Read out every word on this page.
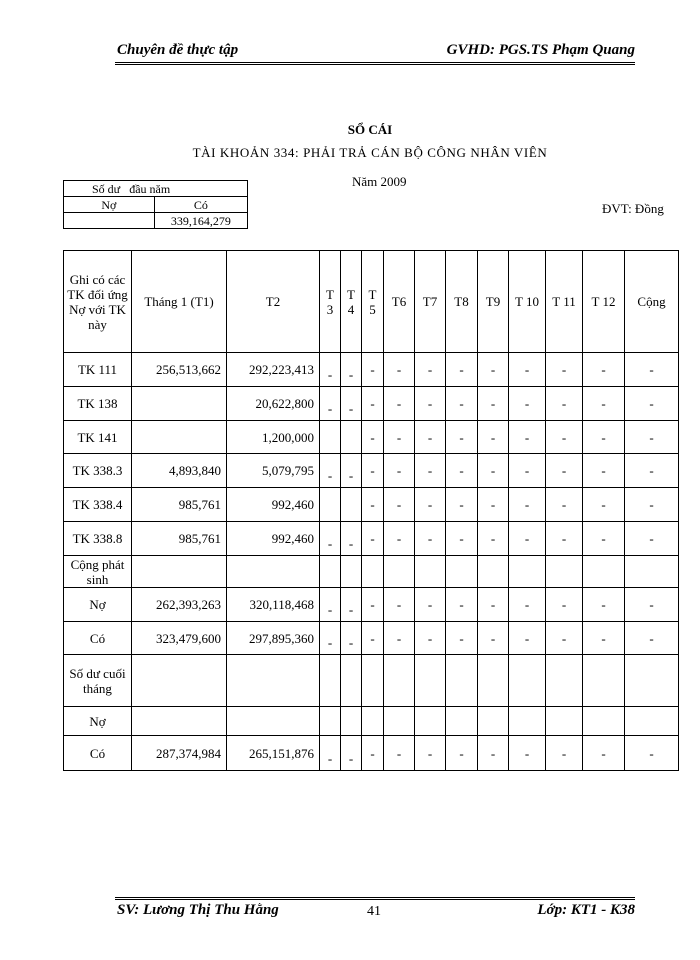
Chuyên đề thực tập	GVHD: PGS.TS Phạm Quang
SỔ CÁI
TÀI KHOẢN 334: PHẢI TRẢ CÁN BỘ CÔNG NHÂN VIÊN
Năm 2009
ĐVT: Đồng
Số dư đầu năm	
Nợ	Có
	339,164,279
Ghi có các TK đối ứng Nợ với TK này	Tháng 1 (T1)	T2	T 3	T 4	T 5	T6	T7	T8	T9	T 10	T 11	T 12	Cộng
TK 111	256,513,662	292,223,413	-	-	-	-	-	-	-	-	-	-	-
TK 138		20,622,800	-	-	-	-	-	-	-	-	-	-	-
TK 141		1,200,000			-	-	-	-	-	-	-	-	-
TK 338.3	4,893,840	5,079,795	-	-	-	-	-	-	-	-	-	-	-
TK 338.4	985,761	992,460			-	-	-	-	-	-	-	-	-
TK 338.8	985,761	992,460	-	-	-	-	-	-	-	-	-	-	-
Cộng phát sinh													
Nợ	262,393,263	320,118,468	-	-	-	-	-	-	-	-	-	-	-
Có	323,479,600	297,895,360	-	-	-	-	-	-	-	-	-	-	-
Số dư cuối tháng													
Nợ													
Có	287,374,984	265,151,876	-	-	-	-	-	-	-	-	-	-	-
SV: Lương Thị Thu Hằng	41	Lớp: KT1 - K38
